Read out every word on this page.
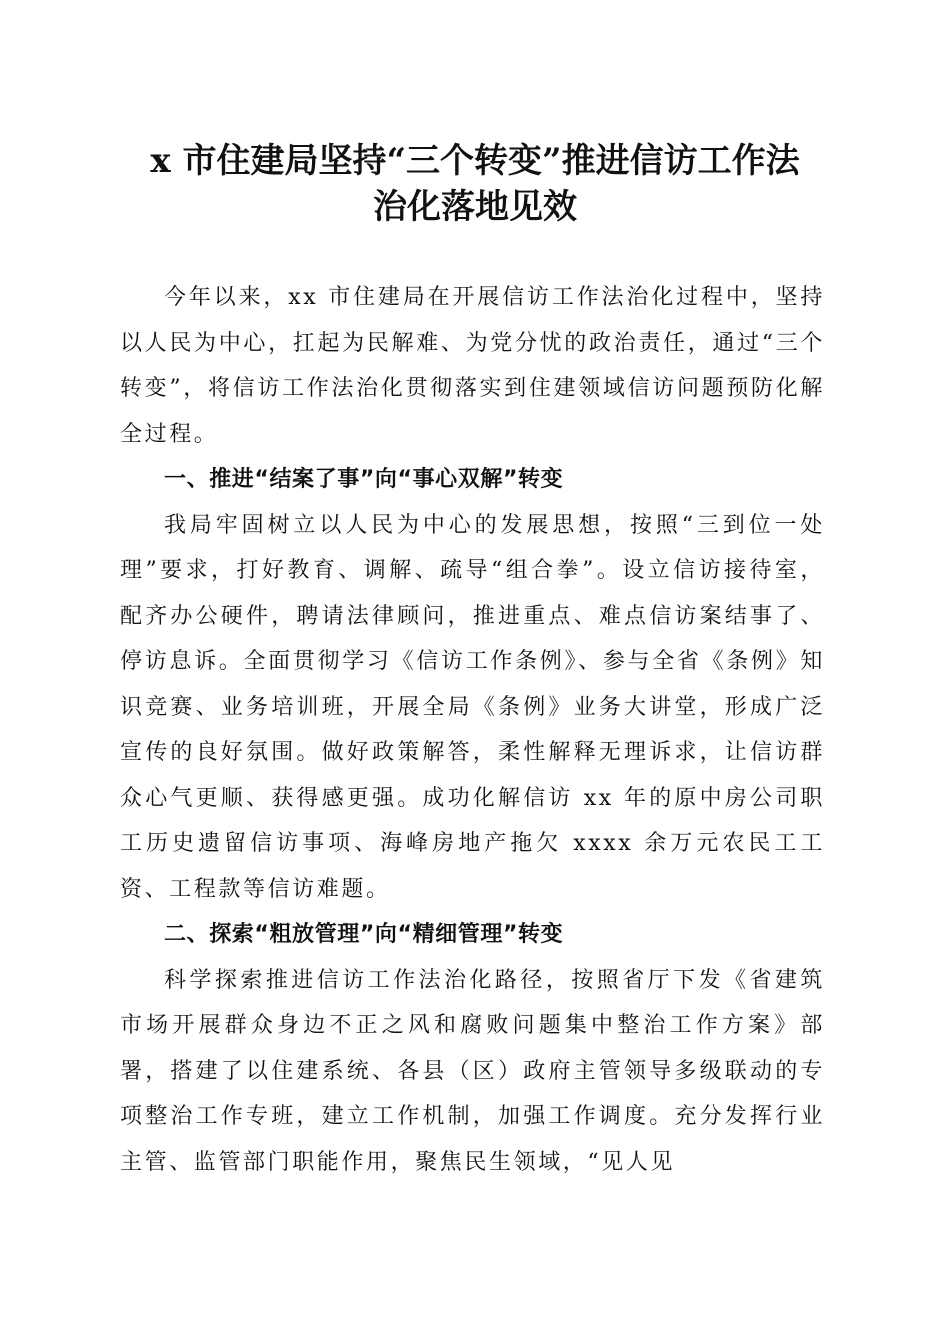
x 市住建局坚持“三个转变”推进信访工作法
治化落地见效

今年以来，xx 市住建局在开展信访工作法治化过程中，坚持以人民为中心，扛起为民解难、为党分忧的政治责任，通过“三个转变”，将信访工作法治化贯彻落实到住建领域信访问题预防化解全过程。

一、推进“结案了事”向“事心双解”转变

我局牢固树立以人民为中心的发展思想，按照“三到位一处理”要求，打好教育、调解、疏导“组合拳”。设立信访接待室，配齐办公硬件，聘请法律顾问，推进重点、难点信访案结事了、停访息诉。全面贯彻学习《信访工作条例》、参与全省《条例》知识竞赛、业务培训班，开展全局《条例》业务大讲堂，形成广泛宣传的良好氛围。做好政策解答，柔性解释无理诉求，让信访群众心气更顺、获得感更强。成功化解信访 xx 年的原中房公司职工历史遗留信访事项、海峰房地产拖欠 xxxx 余万元农民工工资、工程款等信访难题。

二、探索“粗放管理”向“精细管理”转变

科学探索推进信访工作法治化路径，按照省厅下发《省建筑市场开展群众身边不正之风和腐败问题集中整治工作方案》部署，搭建了以住建系统、各县（区）政府主管领导多级联动的专项整治工作专班，建立工作机制，加强工作调度。充分发挥行业主管、监管部门职能作用，聚焦民生领域，“见人见
